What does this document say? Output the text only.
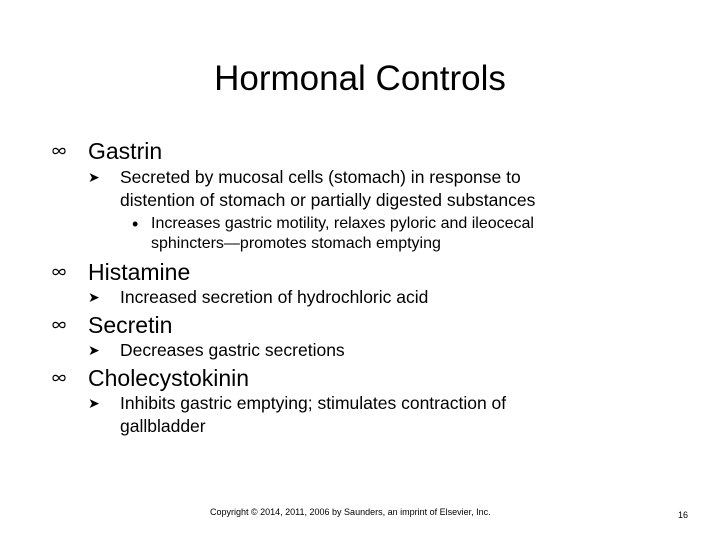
Hormonal Controls
Gastrin
➤ Secreted by mucosal cells (stomach) in response to distention of stomach or partially digested substances
• Increases gastric motility, relaxes pyloric and ileocecal sphincters—promotes stomach emptying
Histamine
➤ Increased secretion of hydrochloric acid
Secretin
➤ Decreases gastric secretions
Cholecystokinin
➤ Inhibits gastric emptying; stimulates contraction of gallbladder
Copyright © 2014, 2011, 2006 by Saunders, an imprint of Elsevier, Inc.	16
